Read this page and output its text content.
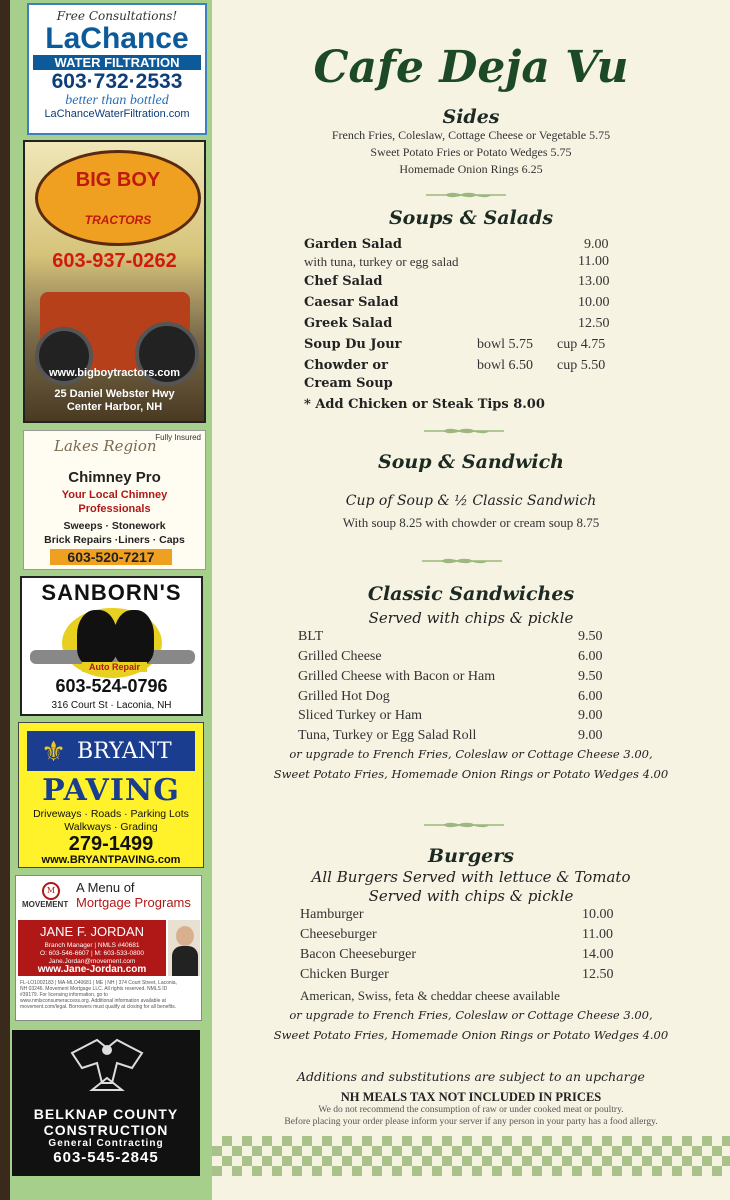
Free Consultations!
LaChance
WATER FILTRATION
603·732·2533
better than bottled
LaChanceWaterFiltration.com
BIG BOY
TRACTORS
603-937-0262
www.bigboytractors.com
25 Daniel Webster Hwy
Center Harbor, NH
Lakes Region
Fully Insured
Chimney Pro
Your Local Chimney
Professionals
Sweeps · Stonework
Brick Repairs ·Liners · Caps
603-520-7217
SANBORN'S
Auto Repair
603-524-0796
316 Court St · Laconia, NH
⚜ BRYANT
PAVING
Driveways · Roads · Parking Lots
Walkways · Grading
279-1499
www.BRYANTPAVING.com
M
MOVEMENT
A Menu of
Mortgage Programs
JANE F. JORDAN
Branch Manager | NMLS #40681
O: 603-546-6607 | M: 603-533-0800
Jane.Jordan@movement.com
www.Jane-Jordan.com
FL-LO1002183 | MA-MLO40681 | ME | NH | 374 Court Street, Laconia, NH 03246. Movement Mortgage LLC. All rights reserved. NMLS ID #39179. For licensing information, go to www.nmlsconsumeraccess.org. Additional information available at movement.com/legal. Borrowers must qualify at closing for all benefits.
BELKNAP COUNTY
CONSTRUCTION
General Contracting
603-545-2845
Cafe Deja Vu
Sides
French Fries, Coleslaw, Cottage Cheese or Vegetable 5.75
Sweet Potato Fries or Potato Wedges 5.75
Homemade Onion Rings 6.25
Soups & Salads
Garden Salad	9.00
with tuna, turkey or egg salad	11.00
Chef Salad	13.00
Caesar Salad	10.00
Greek Salad	12.50
Soup Du Jour	bowl 5.75 cup 4.75
Chowder or
Cream Soup
bowl 6.50 cup 5.50
* Add Chicken or Steak Tips 8.00
Soup & Sandwich
Cup of Soup & ½ Classic Sandwich
With soup 8.25 with chowder or cream soup 8.75
Classic Sandwiches
Served with chips & pickle
BLT	9.50
Grilled Cheese	6.00
Grilled Cheese with Bacon or Ham	9.50
Grilled Hot Dog	6.00
Sliced Turkey or Ham	9.00
Tuna, Turkey or Egg Salad Roll	9.00
or upgrade to French Fries, Coleslaw or Cottage Cheese 3.00,
Sweet Potato Fries, Homemade Onion Rings or Potato Wedges 4.00
Burgers
All Burgers Served with lettuce & Tomato
Served with chips & pickle
Hamburger	10.00
Cheeseburger	11.00
Bacon Cheeseburger	14.00
Chicken Burger	12.50
American, Swiss, feta & cheddar cheese available
or upgrade to French Fries, Coleslaw or Cottage Cheese 3.00,
Sweet Potato Fries, Homemade Onion Rings or Potato Wedges 4.00
Additions and substitutions are subject to an upcharge
NH MEALS TAX NOT INCLUDED IN PRICES
We do not recommend the consumption of raw or under cooked meat or poultry.
Before placing your order please inform your server if any person in your party has a food allergy.
